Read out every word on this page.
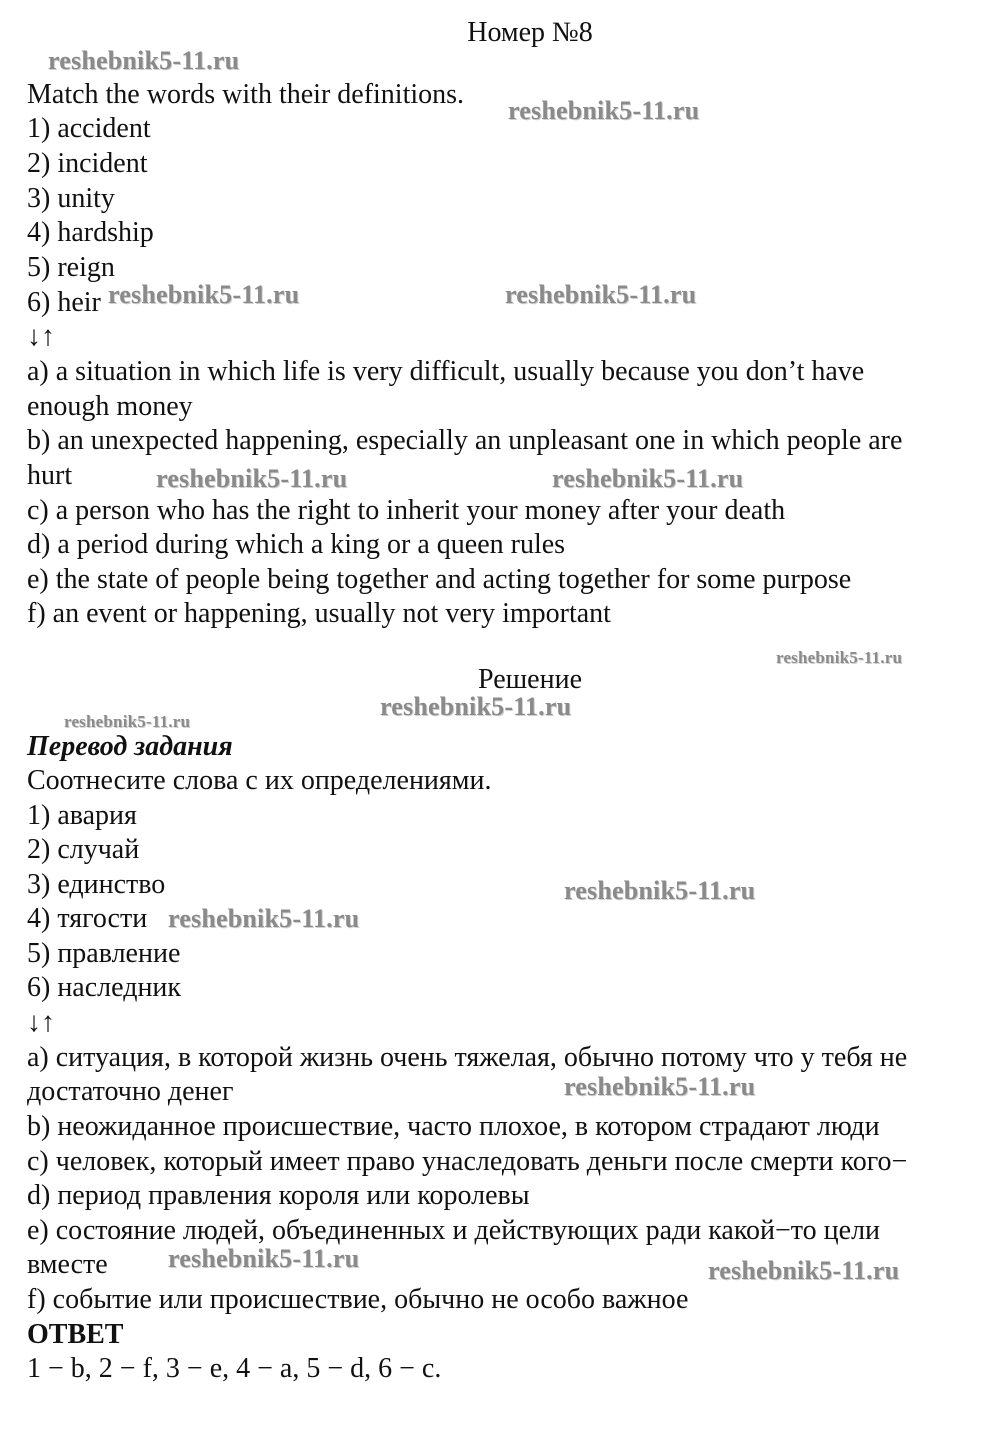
Номер №8
Match the words with their definitions.
1) accident
2) incident
3) unity
4) hardship
5) reign
6) heir
↓↑
a) a situation in which life is very difficult, usually because you don’t have
enough money
b) an unexpected happening, especially an unpleasant one in which people are
hurt
c) a person who has the right to inherit your money after your death
d) a period during which a king or a queen rules
e) the state of people being together and acting together for some purpose
f) an event or happening, usually not very important
Решение
Перевод задания
Соотнесите слова с их определениями.
1) авария
2) случай
3) единство
4) тягости
5) правление
6) наследник
↓↑
a) ситуация, в которой жизнь очень тяжелая, обычно потому что у тебя не
достаточно денег
b) неожиданное происшествие, часто плохое, в котором страдают люди
c) человек, который имеет право унаследовать деньги после смерти кого−
d) период правления короля или королевы
e) состояние людей, объединенных и действующих ради какой−то цели
вместе
f) событие или происшествие, обычно не особо важное
ОТВЕТ
1 − b, 2 − f, 3 − e, 4 − a, 5 − d, 6 − c.
reshebnik5-11.ru
reshebnik5-11.ru
reshebnik5-11.ru	reshebnik5-11.ru
reshebnik5-11.ru	reshebnik5-11.ru
reshebnik5-11.ru
reshebnik5-11.ru
reshebnik5-11.ru
reshebnik5-11.ru
reshebnik5-11.ru
reshebnik5-11.ru
reshebnik5-11.ru	reshebnik5-11.ru
